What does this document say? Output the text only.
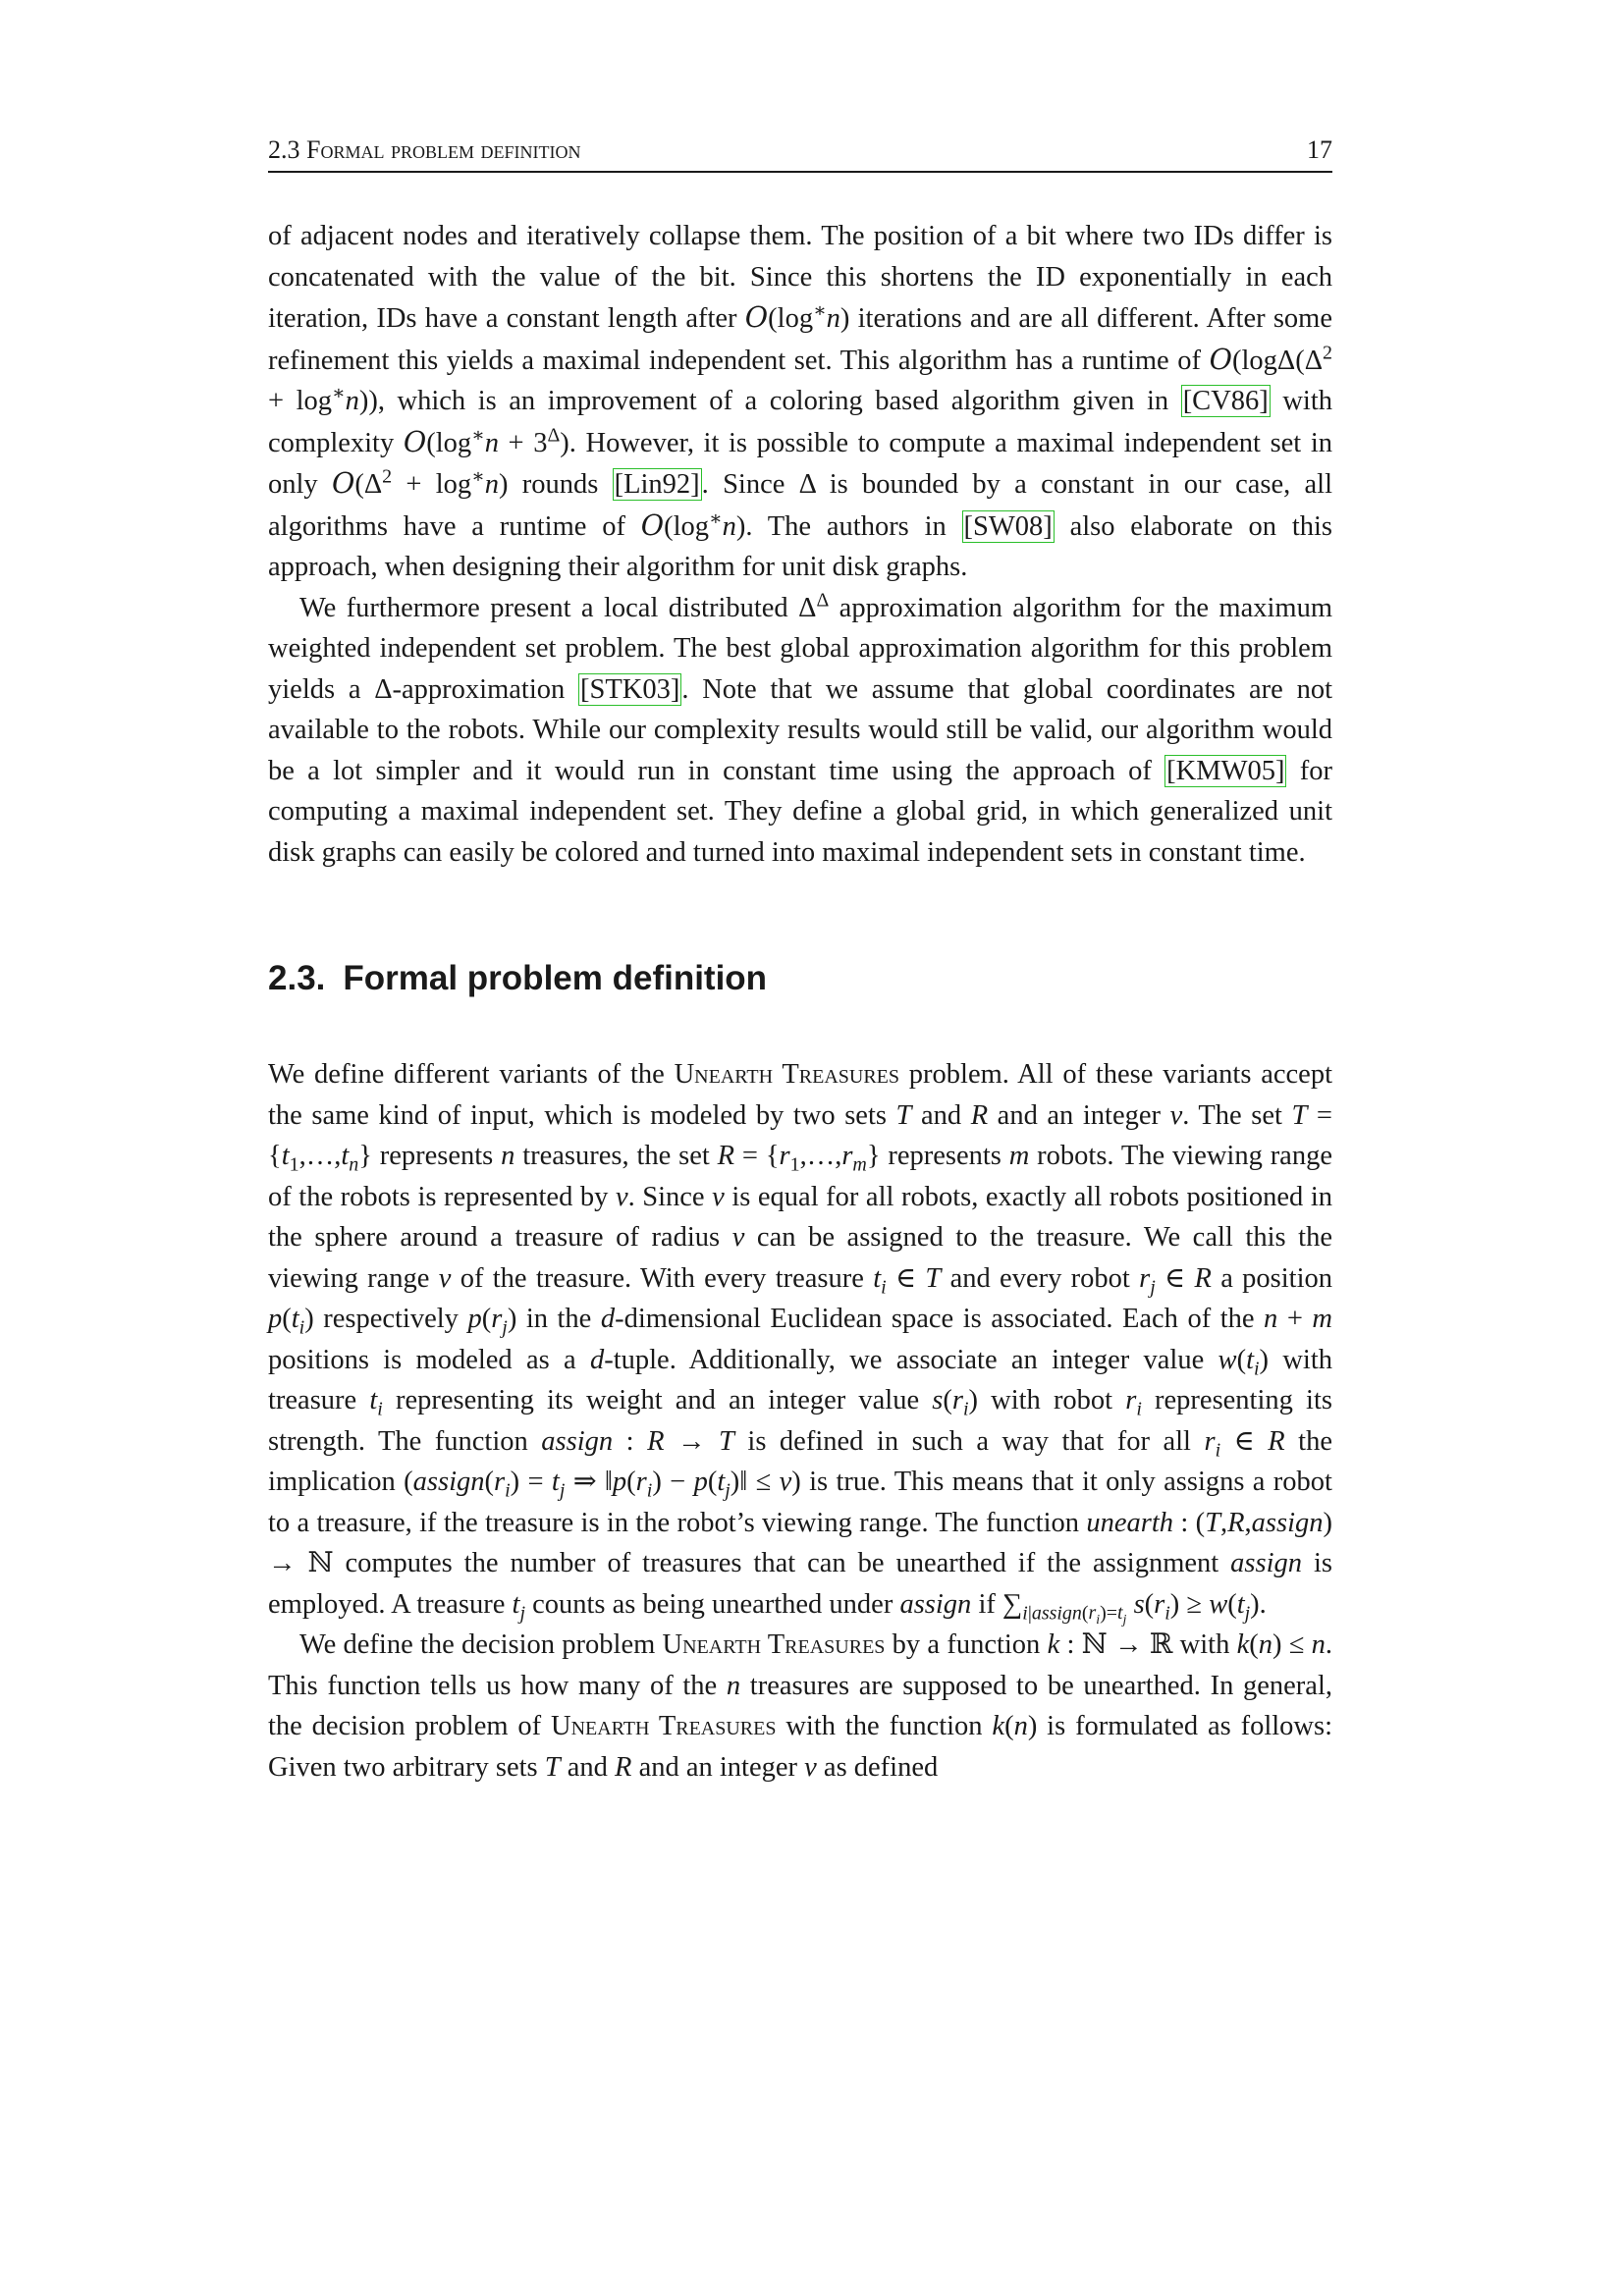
2.3 Formal problem definition	17

of adjacent nodes and iteratively collapse them. The position of a bit where two IDs differ is concatenated with the value of the bit. Since this shortens the ID exponentially in each iteration, IDs have a constant length after O(log∗n) iterations and are all different. After some refinement this yields a maximal independent set. This algorithm has a runtime of $O(\log\Delta(\Delta^2 + \log^∗n))$, which is an improvement of a coloring based algorithm given in [CV86] with complexity $O(\log^∗n + 3^\Delta)$. However, it is possible to compute a maximal independent set in only $O(\Delta^2 + \log^∗n)$ rounds [Lin92]. Since Δ is bounded by a constant in our case, all algorithms have a runtime of O(log∗n). The authors in [SW08] also elaborate on this approach, when designing their algorithm for unit disk graphs.

We furthermore present a local distributed $\Delta^\Delta$ approximation algorithm for the maximum weighted independent set problem. The best global approximation algorithm for this problem yields a Δ-approximation [STK03]. Note that we assume that global coordinates are not available to the robots. While our complexity results would still be valid, our algorithm would be a lot simpler and it would run in constant time using the approach of [KMW05] for computing a maximal independent set. They define a global grid, in which generalized unit disk graphs can easily be colored and turned into maximal independent sets in constant time.

2.3. Formal problem definition

We define different variants of the Unearth Treasures problem. All of these variants accept the same kind of input, which is modeled by two sets T and R and an integer v. The set $T = \{t_1,\dots,t_n\}$ represents n treasures, the set $R = \{r_1,\dots,r_m\}$ represents m robots. The viewing range of the robots is represented by v. Since v is equal for all robots, exactly all robots positioned in the sphere around a treasure of radius v can be assigned to the treasure. We call this the viewing range v of the treasure. With every treasure $t_i$ ∈ T and every robot $r_j$ ∈ R a position $p(t_i)$ respectively $p(r_j)$ in the d-dimensional Euclidean space is associated. Each of the n + m positions is modeled as a d-tuple. Additionally, we associate an integer value $w(t_i)$ with treasure $t_i$ representing its weight and an integer value $s(r_i)$ with robot $r_i$ representing its strength. The function assign : R → T is defined in such a way that for all $r_i$ ∈ R the implication ($assign(r_i) = t_j$ ⇒ $‖p(r_i)$ − $p(t_j)‖ \le v$) is true. This means that it only assigns a robot to a treasure, if the treasure is in the robot’s viewing range. The function unearth : (T,R,assign) → ℕ computes the number of treasures that can be unearthed if the assignment assign is employed. A treasure $t_j$ counts as being unearthed under assign if $\sum_{i|assign(r_i)=t_j}$ $s(r_i) \ge w(t_j)$.

We define the decision problem Unearth Treasures by a function k : ℕ → ℝ with k(n) ≤ n. This function tells us how many of the n treasures are supposed to be unearthed. In general, the decision problem of Unearth Treasures with the function k(n) is formulated as follows: Given two arbitrary sets T and R and an integer v as defined
